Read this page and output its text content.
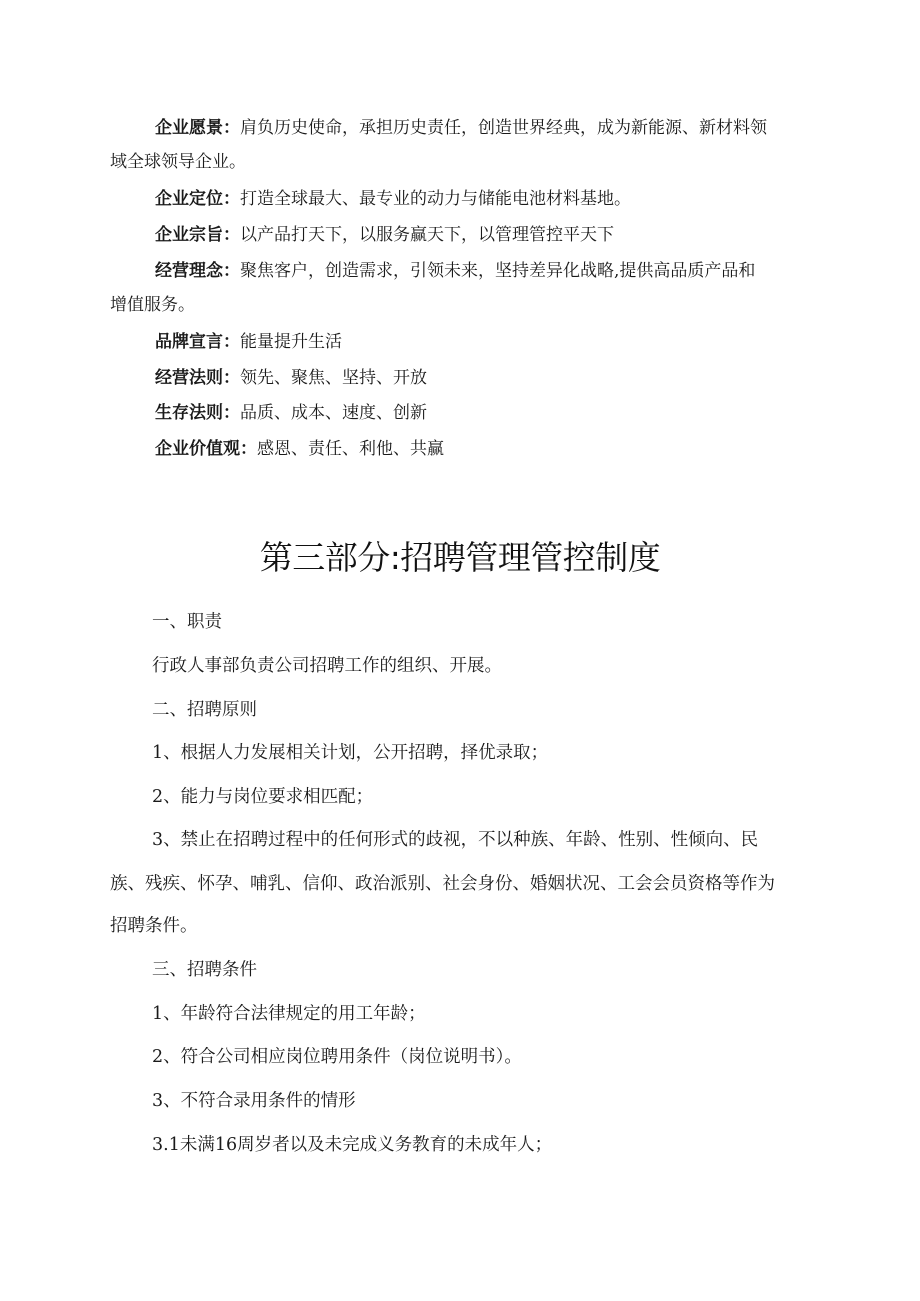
企业愿景：肩负历史使命，承担历史责任，创造世界经典，成为新能源、新材料领
域全球领导企业。
企业定位：打造全球最大、最专业的动力与储能电池材料基地。
企业宗旨：以产品打天下，以服务赢天下，以管理管控平天下
经营理念：聚焦客户，创造需求，引领未来，坚持差异化战略,提供高品质产品和
增值服务。
品牌宣言：能量提升生活
经营法则：领先、聚焦、坚持、开放
生存法则：品质、成本、速度、创新
企业价值观：感恩、责任、利他、共赢
第三部分:招聘管理管控制度
一、职责
行政人事部负责公司招聘工作的组织、开展。
二、招聘原则
1、根据人力发展相关计划，公开招聘，择优录取；
2、能力与岗位要求相匹配；
3、禁止在招聘过程中的任何形式的歧视，不以种族、年龄、性别、性倾向、民
族、残疾、怀孕、哺乳、信仰、政治派别、社会身份、婚姻状况、工会会员资格等作为
招聘条件。
三、招聘条件
1、年龄符合法律规定的用工年龄；
2、符合公司相应岗位聘用条件（岗位说明书）。
3、不符合录用条件的情形
3.1未满16周岁者以及未完成义务教育的未成年人；
